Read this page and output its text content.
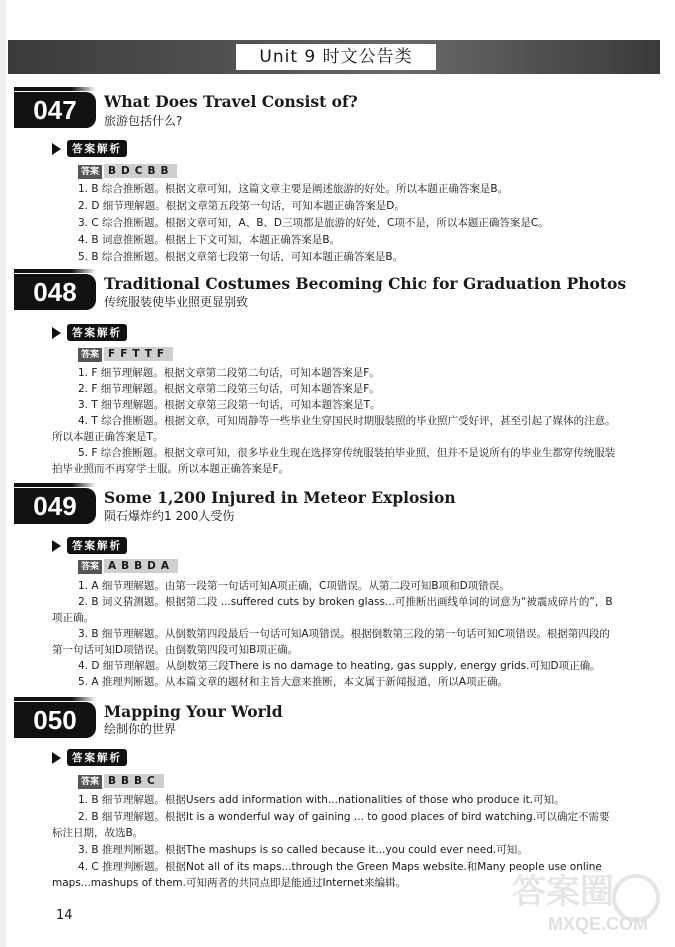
Unit 9 时文公告类
047	What Does Travel Consist of?
旅游包括什么?
答案解析
答案 BDCBB
1. B 综合推断题。根据文章可知，这篇文章主要是阐述旅游的好处。所以本题正确答案是B。
2. D 细节理解题。根据文章第五段第一句话，可知本题正确答案是D。
3. C 综合推断题。根据文章可知，A、B、D三项都是旅游的好处，C项不是，所以本题正确答案是C。
4. B 词意推断题。根据上下文可知，本题正确答案是B。
5. B 综合推断题。根据文章第七段第一句话，可知本题正确答案是B。
048	Traditional Costumes Becoming Chic for Graduation Photos
传统服装使毕业照更显别致
答案解析
答案 FFTTF
1. F 细节理解题。根据文章第二段第二句话，可知本题答案是F。
2. F 细节理解题。根据文章第二段第三句话，可知本题答案是F。
3. T 细节理解题。根据文章第三段第一句话，可知本题答案是T。
4. T 综合推断题。根据文章，可知周静等一些毕业生穿国民时期服装照的毕业照广受好评，甚至引起了媒体的注意。所以本题正确答案是T。
5. F 综合推断题。根据文章可知，很多毕业生现在选择穿传统服装拍毕业照，但并不是说所有的毕业生都穿传统服装拍毕业照而不再穿学士服。所以本题正确答案是F。
049	Some 1,200 Injured in Meteor Explosion
陨石爆炸约1 200人受伤
答案解析
答案 ABBDA
1. A 细节理解题。由第一段第一句话可知A项正确，C项错误。从第二段可知B项和D项错误。
2. B 词义猜测题。根据第二段 ...suffered cuts by broken glass...可推断出画线单词的词意为“被震成碎片的”，B项正确。
3. B 细节理解题。从倒数第四段最后一句话可知A项错误。根据倒数第三段的第一句话可知C项错误。根据第四段的第一句话可知D项错误。由倒数第四段可知B项正确。
4. D 细节理解题。从倒数第三段There is no damage to heating, gas supply, energy grids.可知D项正确。
5. A 推理判断题。从本篇文章的题材和主旨大意来推断，本文属于新闻报道，所以A项正确。
050	Mapping Your World
绘制你的世界
答案解析
答案 BBBC
1. B 细节理解题。根据Users add information with...nationalities of those who produce it.可知。
2. B 细节理解题。根据It is a wonderful way of gaining ... to good places of bird watching.可以确定不需要标注日期，故选B。
3. B 推理判断题。根据The mashups is so called because it...you could ever need.可知。
4. C 推理判断题。根据Not all of its maps...through the Green Maps website.和Many people use online maps...mashups of them.可知两者的共同点即是能通过Internet来编辑。
14
答案圈
MXQE.COM
